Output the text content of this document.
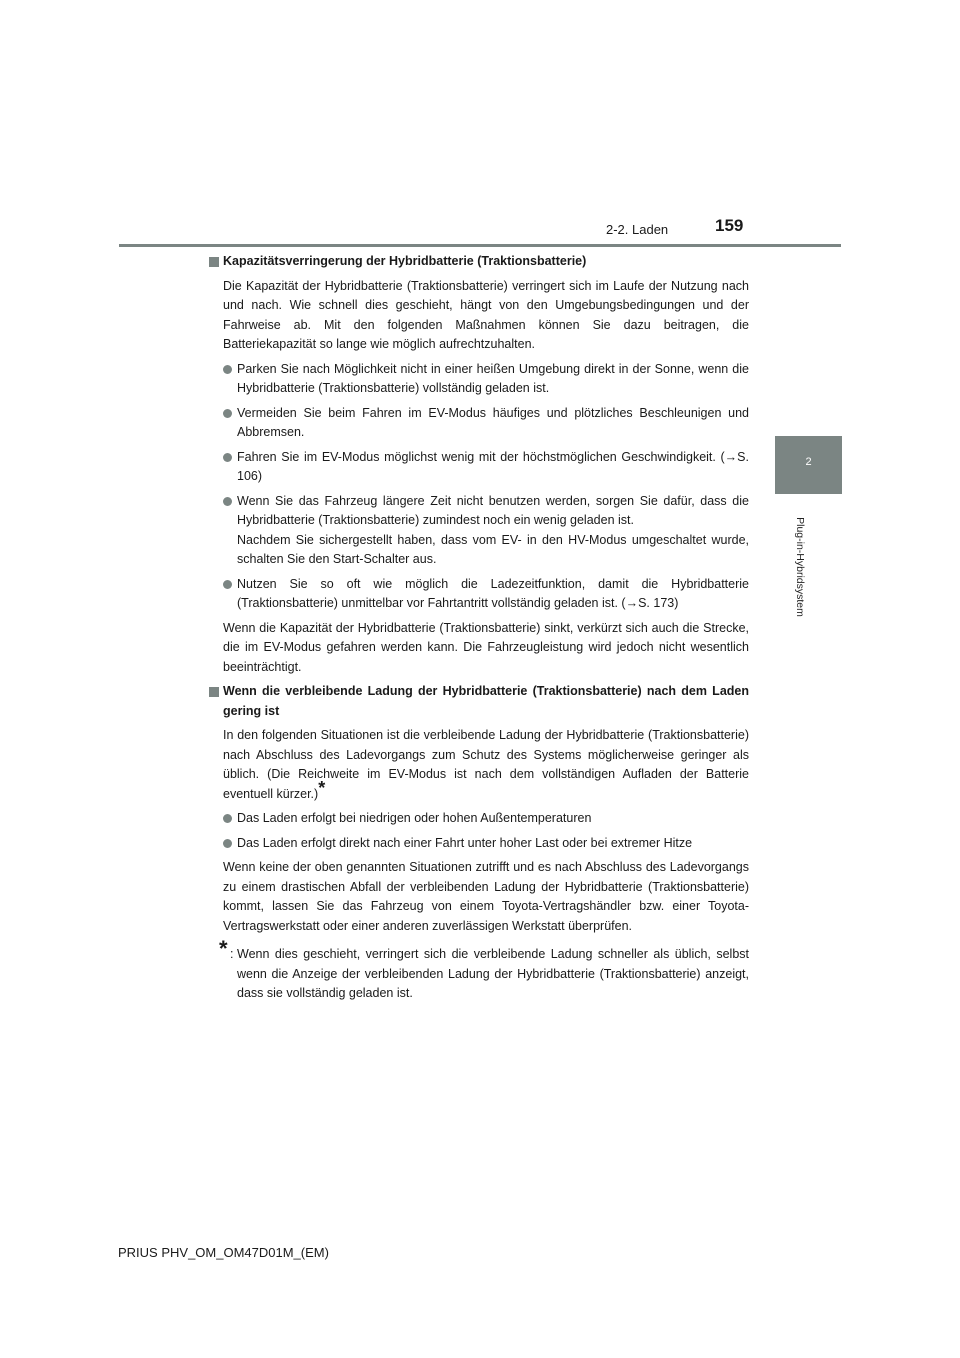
2-2. Laden	159
2
Plug-in-Hybridsystem
Kapazitätsverringerung der Hybridbatterie (Traktionsbatterie)
Die Kapazität der Hybridbatterie (Traktionsbatterie) verringert sich im Laufe der Nutzung nach und nach. Wie schnell dies geschieht, hängt von den Umgebungsbedingungen und der Fahrweise ab. Mit den folgenden Maßnahmen können Sie dazu beitragen, die Batteriekapazität so lange wie möglich aufrechtzuhalten.
Parken Sie nach Möglichkeit nicht in einer heißen Umgebung direkt in der Sonne, wenn die Hybridbatterie (Traktionsbatterie) vollständig geladen ist.
Vermeiden Sie beim Fahren im EV-Modus häufiges und plötzliches Beschleunigen und Abbremsen.
Fahren Sie im EV-Modus möglichst wenig mit der höchstmöglichen Geschwindigkeit. (→S. 106)
Wenn Sie das Fahrzeug längere Zeit nicht benutzen werden, sorgen Sie dafür, dass die Hybridbatterie (Traktionsbatterie) zumindest noch ein wenig geladen ist.
Nachdem Sie sichergestellt haben, dass vom EV- in den HV-Modus umgeschaltet wurde, schalten Sie den Start-Schalter aus.
Nutzen Sie so oft wie möglich die Ladezeitfunktion, damit die Hybridbatterie (Traktionsbatterie) unmittelbar vor Fahrtantritt vollständig geladen ist. (→S. 173)
Wenn die Kapazität der Hybridbatterie (Traktionsbatterie) sinkt, verkürzt sich auch die Strecke, die im EV-Modus gefahren werden kann. Die Fahrzeugleistung wird jedoch nicht wesentlich beeinträchtigt.
Wenn die verbleibende Ladung der Hybridbatterie (Traktionsbatterie) nach dem Laden gering ist
In den folgenden Situationen ist die verbleibende Ladung der Hybridbatterie (Traktionsbatterie) nach Abschluss des Ladevorgangs zum Schutz des Systems möglicherweise geringer als üblich. (Die Reichweite im EV-Modus ist nach dem vollständigen Aufladen der Batterie eventuell kürzer.)*
Das Laden erfolgt bei niedrigen oder hohen Außentemperaturen
Das Laden erfolgt direkt nach einer Fahrt unter hoher Last oder bei extremer Hitze
Wenn keine der oben genannten Situationen zutrifft und es nach Abschluss des Ladevorgangs zu einem drastischen Abfall der verbleibenden Ladung der Hybridbatterie (Traktionsbatterie) kommt, lassen Sie das Fahrzeug von einem Toyota-Vertragshändler bzw. einer Toyota-Vertragswerkstatt oder einer anderen zuverlässigen Werkstatt überprüfen.
* : Wenn dies geschieht, verringert sich die verbleibende Ladung schneller als üblich, selbst wenn die Anzeige der verbleibenden Ladung der Hybridbatterie (Traktionsbatterie) anzeigt, dass sie vollständig geladen ist.
PRIUS PHV_OM_OM47D01M_(EM)
